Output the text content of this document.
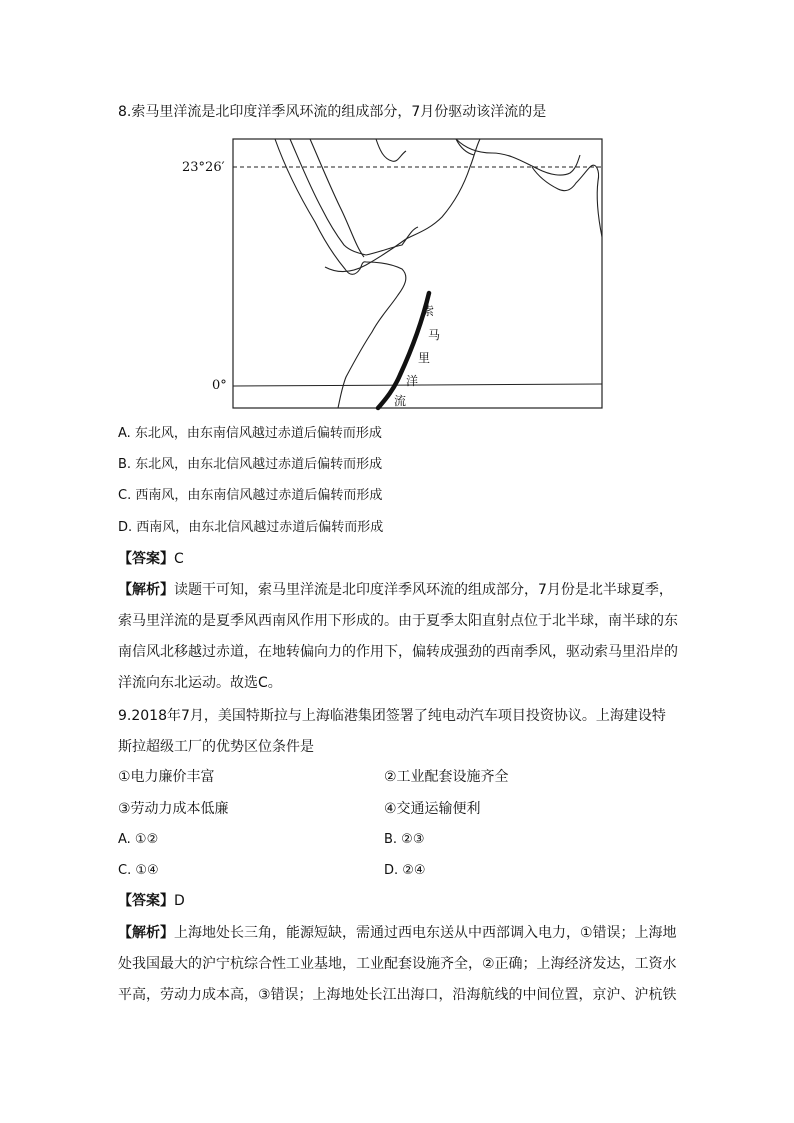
8.索马里洋流是北印度洋季风环流的组成部分，7月份驱动该洋流的是
23°26′
0°
索
马
里
洋
流
A. 东北风，由东南信风越过赤道后偏转而形成
B. 东北风，由东北信风越过赤道后偏转而形成
C. 西南风，由东南信风越过赤道后偏转而形成
D. 西南风，由东北信风越过赤道后偏转而形成
【答案】C
【解析】读题干可知，索马里洋流是北印度洋季风环流的组成部分，7月份是北半球夏季，
索马里洋流的是夏季风西南风作用下形成的。由于夏季太阳直射点位于北半球，南半球的东
南信风北移越过赤道，在地转偏向力的作用下，偏转成强劲的西南季风，驱动索马里沿岸的
洋流向东北运动。故选C。
9.2018年7月，美国特斯拉与上海临港集团签署了纯电动汽车项目投资协议。上海建设特
斯拉超级工厂的优势区位条件是
①电力廉价丰富	②工业配套设施齐全
③劳动力成本低廉	④交通运输便利
A. ①②	B. ②③
C. ①④	D. ②④
【答案】D
【解析】上海地处长三角，能源短缺，需通过西电东送从中西部调入电力，①错误；上海地
处我国最大的沪宁杭综合性工业基地，工业配套设施齐全，②正确；上海经济发达，工资水
平高，劳动力成本高，③错误；上海地处长江出海口，沿海航线的中间位置，京沪、沪杭铁
